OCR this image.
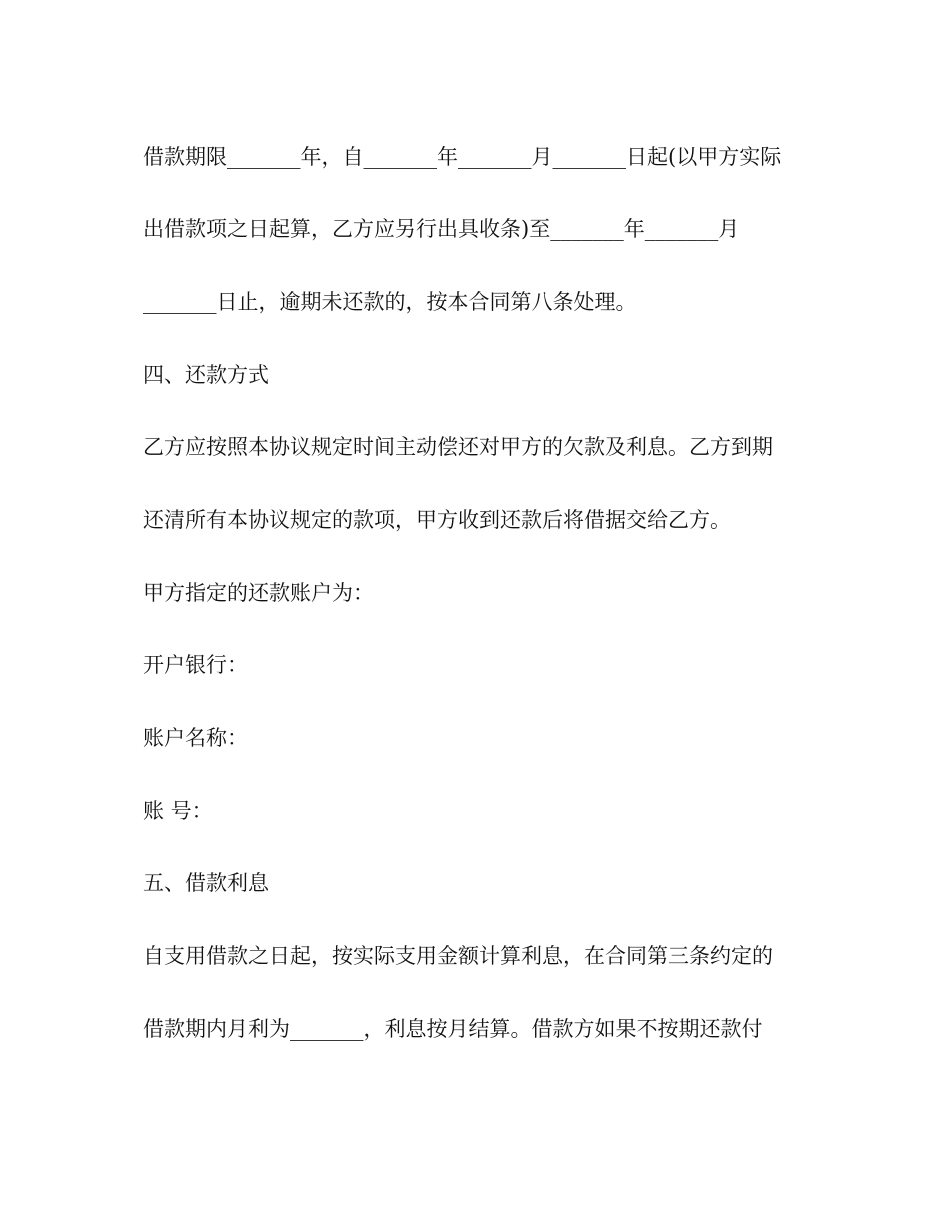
借款期限_______年，自_______年_______月_______日起(以甲方实际

出借款项之日起算，乙方应另行出具收条)至_______年_______月

_______日止，逾期未还款的，按本合同第八条处理。

四、还款方式

乙方应按照本协议规定时间主动偿还对甲方的欠款及利息。乙方到期

还清所有本协议规定的款项，甲方收到还款后将借据交给乙方。

甲方指定的还款账户为：

开户银行：

账户名称：

账 号：

五、借款利息

自支用借款之日起，按实际支用金额计算利息，在合同第三条约定的

借款期内月利为_______，利息按月结算。借款方如果不按期还款付
